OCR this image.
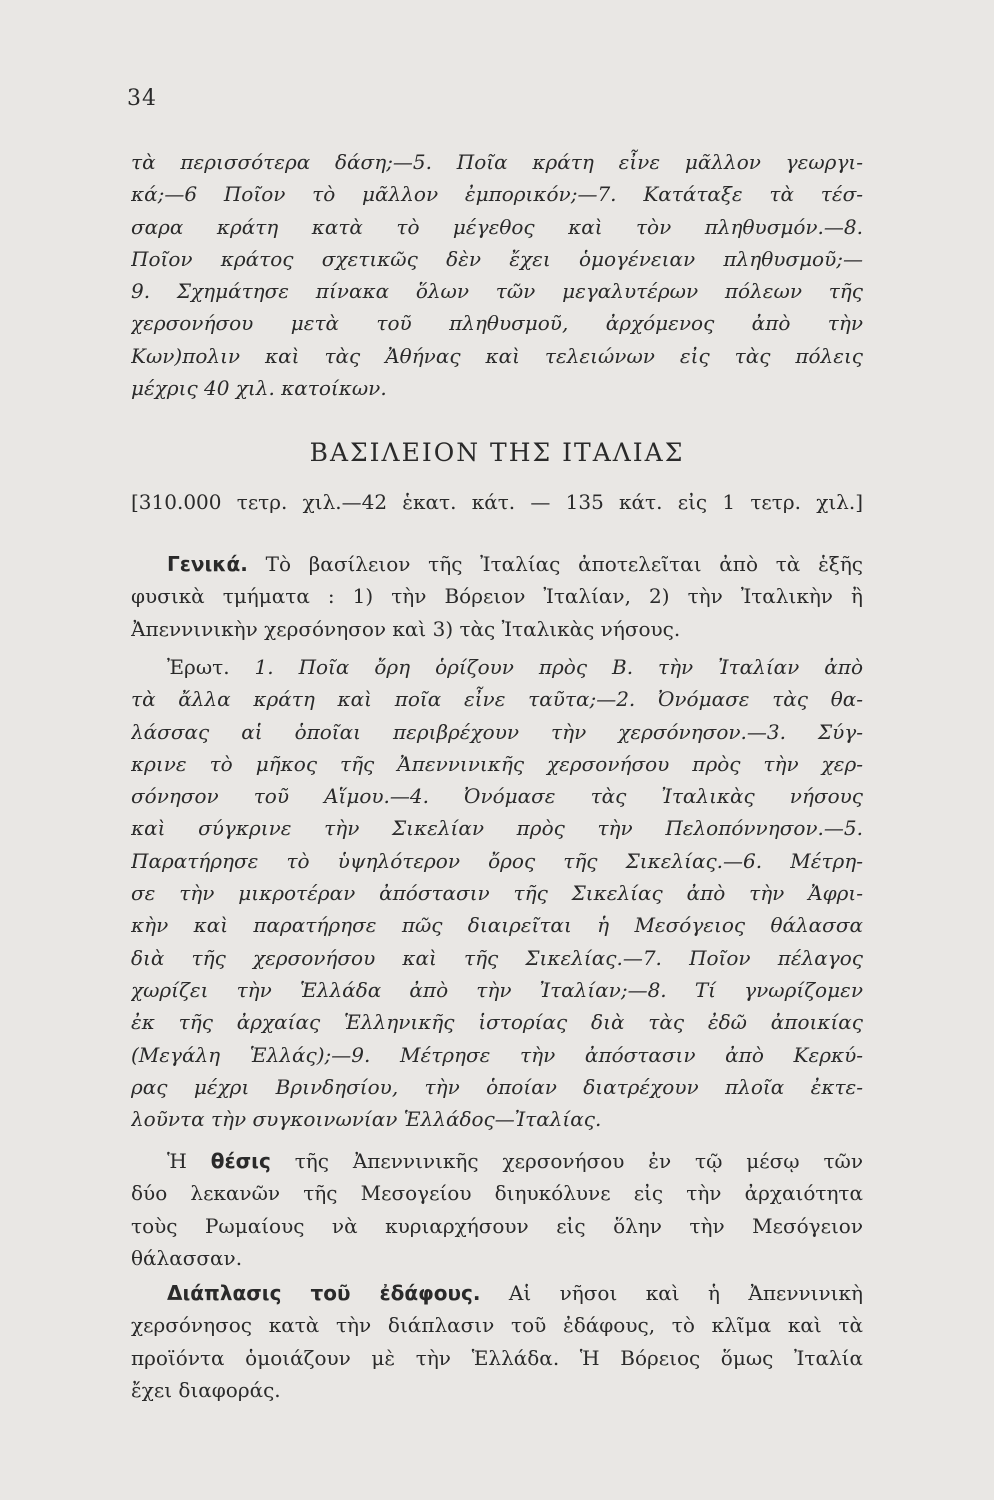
34
τὰ περισσότερα δάση;—5. Ποῖα κράτη εἶνε μᾶλλον γεωργι-
κά;—6 Ποῖον τὸ μᾶλλον ἐμπορικόν;—7. Κατάταξε τὰ τέσ-
σαρα κράτη κατὰ τὸ μέγεθος καὶ τὸν πληθυσμόν.—8.
Ποῖον κράτος σχετικῶς δὲν ἔχει ὁμογένειαν πληθυσμοῦ;—
9. Σχημάτησε πίνακα ὅλων τῶν μεγαλυτέρων πόλεων τῆς
χερσονήσου μετὰ τοῦ πληθυσμοῦ, ἀρχόμενος ἀπὸ τὴν
Κων)πολιν καὶ τὰς Ἀθήνας καὶ τελειώνων εἰς τὰς πόλεις
μέχρις 40 χιλ. κατοίκων.
ΒΑΣΙΛΕΙΟΝ ΤΗΣ ΙΤΑΛΙΑΣ
[310.000 τετρ. χιλ.—42 ἑκατ. κάτ. — 135 κάτ. εἰς 1 τετρ. χιλ.]
Γενικά. Τὸ βασίλειον τῆς Ἰταλίας ἀποτελεῖται ἀπὸ τὰ ἑξῆς
φυσικὰ τμήματα : 1) τὴν Βόρειον Ἰταλίαν, 2) τὴν Ἰταλικὴν ἢ
Ἀπεννινικὴν χερσόνησον καὶ 3) τὰς Ἰταλικὰς νήσους.
Ἐρωτ. 1. Ποῖα ὄρη ὁρίζουν πρὸς Β. τὴν Ἰταλίαν ἀπὸ
τὰ ἄλλα κράτη καὶ ποῖα εἶνε ταῦτα;—2. Ὀνόμασε τὰς θα-
λάσσας αἱ ὁποῖαι περιβρέχουν τὴν χερσόνησον.—3. Σύγ-
κρινε τὸ μῆκος τῆς Ἀπεννινικῆς χερσονήσου πρὸς τὴν χερ-
σόνησον τοῦ Αἵμου.—4. Ὀνόμασε τὰς Ἰταλικὰς νήσους
καὶ σύγκρινε τὴν Σικελίαν πρὸς τὴν Πελοπόννησον.—5.
Παρατήρησε τὸ ὑψηλότερον ὄρος τῆς Σικελίας.—6. Μέτρη-
σε τὴν μικροτέραν ἀπόστασιν τῆς Σικελίας ἀπὸ τὴν Ἀφρι-
κὴν καὶ παρατήρησε πῶς διαιρεῖται ἡ Μεσόγειος θάλασσα
διὰ τῆς χερσονήσου καὶ τῆς Σικελίας.—7. Ποῖον πέλαγος
χωρίζει τὴν Ἑλλάδα ἀπὸ τὴν Ἰταλίαν;—8. Τί γνωρίζομεν
ἐκ τῆς ἀρχαίας Ἑλληνικῆς ἱστορίας διὰ τὰς ἐδῶ ἀποικίας
(Μεγάλη Ἑλλάς);—9. Μέτρησε τὴν ἀπόστασιν ἀπὸ Κερκύ-
ρας μέχρι Βρινδησίου, τὴν ὁποίαν διατρέχουν πλοῖα ἐκτε-
λοῦντα τὴν συγκοινωνίαν Ἑλλάδος—Ἰταλίας.
Ἡ θέσις τῆς Ἀπεννινικῆς χερσονήσου ἐν τῷ μέσῳ τῶν
δύο λεκανῶν τῆς Μεσογείου διηυκόλυνε εἰς τὴν ἀρχαιότητα
τοὺς Ρωμαίους νὰ κυριαρχήσουν εἰς ὅλην τὴν Μεσόγειον
θάλασσαν.
Διάπλασις τοῦ ἐδάφους. Αἱ νῆσοι καὶ ἡ Ἀπεννινικὴ
χερσόνησος κατὰ τὴν διάπλασιν τοῦ ἐδάφους, τὸ κλῖμα καὶ τὰ
προϊόντα ὁμοιάζουν μὲ τὴν Ἑλλάδα. Ἡ Βόρειος ὅμως Ἰταλία
ἔχει διαφοράς.
